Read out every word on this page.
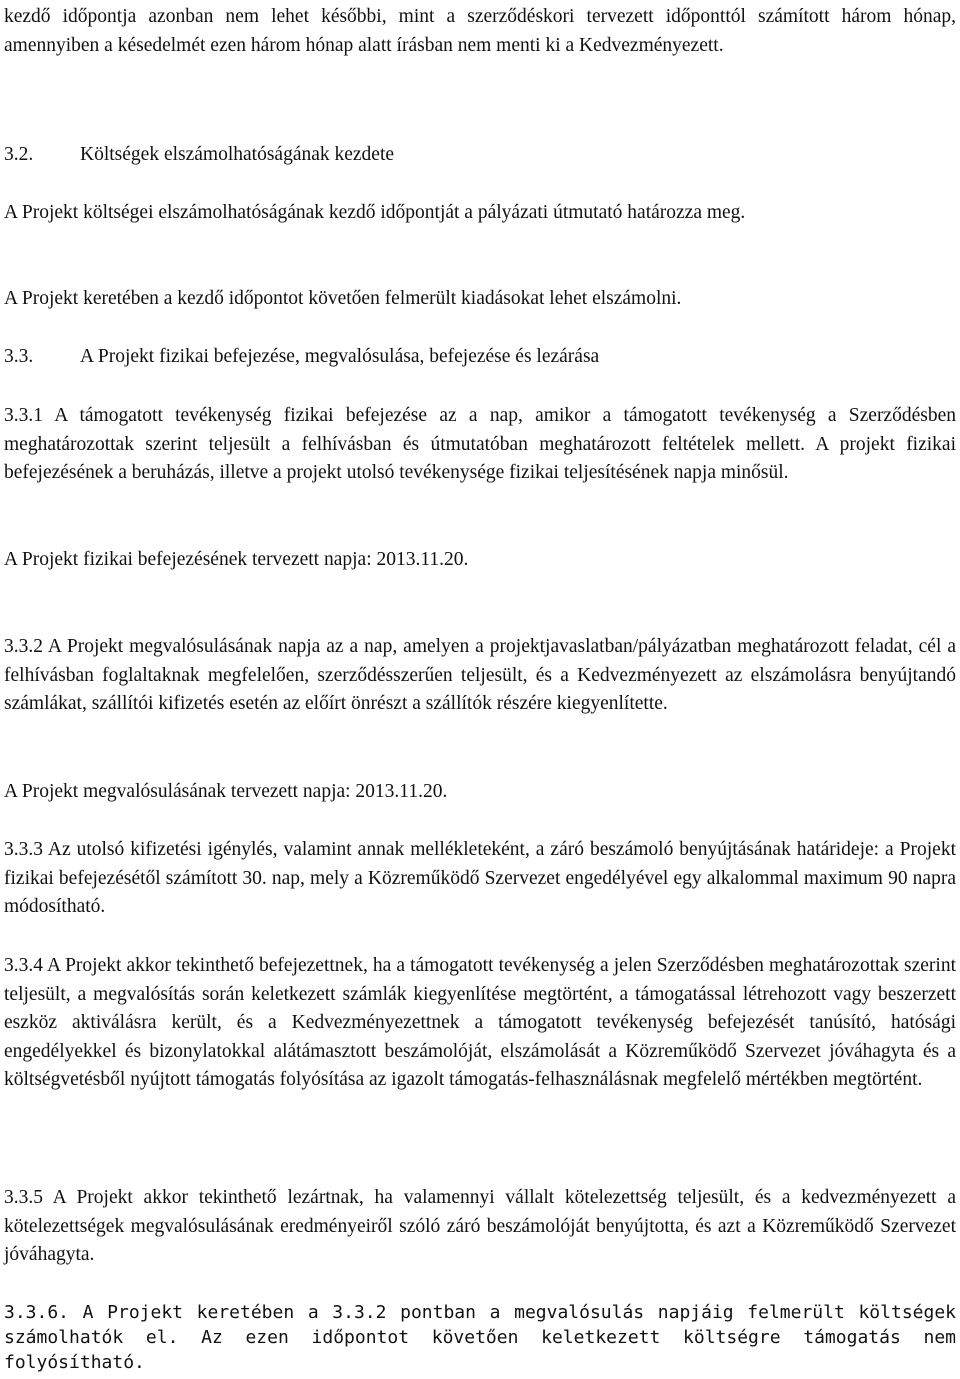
kezdő időpontja azonban nem lehet későbbi, mint a szerződéskori tervezett időponttól számított három hónap, amennyiben a késedelmét ezen három hónap alatt írásban nem menti ki a Kedvezményezett.

3.2.	Költségek elszámolhatóságának kezdete

A Projekt költségei elszámolhatóságának kezdő időpontját a pályázati útmutató határozza meg.

A Projekt keretében a kezdő időpontot követően felmerült kiadásokat lehet elszámolni.

3.3.	A Projekt fizikai befejezése, megvalósulása, befejezése és lezárása

3.3.1 A támogatott tevékenység fizikai befejezése az a nap, amikor a támogatott tevékenység a Szerződésben meghatározottak szerint teljesült a felhívásban és útmutatóban meghatározott feltételek mellett. A projekt fizikai befejezésének a beruházás, illetve a projekt utolsó tevékenysége fizikai teljesítésének napja minősül.

A Projekt fizikai befejezésének tervezett napja: 2013.11.20.

3.3.2 A Projekt megvalósulásának napja az a nap, amelyen a projektjavaslatban/pályázatban meghatározott feladat, cél a felhívásban foglaltaknak megfelelően, szerződésszerűen teljesült, és a Kedvezményezett az elszámolásra benyújtandó számlákat, szállítói kifizetés esetén az előírt önrészt a szállítók részére kiegyenlítette.

A Projekt megvalósulásának tervezett napja: 2013.11.20.

3.3.3 Az utolsó kifizetési igénylés, valamint annak mellékleteként, a záró beszámoló benyújtásának határideje: a Projekt fizikai befejezésétől számított 30. nap, mely a Közreműködő Szervezet engedélyével egy alkalommal maximum 90 napra módosítható.

3.3.4 A Projekt akkor tekinthető befejezettnek, ha a támogatott tevékenység a jelen Szerződésben meghatározottak szerint teljesült, a megvalósítás során keletkezett számlák kiegyenlítése megtörtént, a támogatással létrehozott vagy beszerzett eszköz aktiválásra került, és a Kedvezményezettnek a támogatott tevékenység befejezését tanúsító, hatósági engedélyekkel és bizonylatokkal alátámasztott beszámolóját, elszámolását a Közreműködő Szervezet jóváhagyta és a költségvetésből nyújtott támogatás folyósítása az igazolt támogatás-felhasználásnak megfelelő mértékben megtörtént.

3.3.5 A Projekt akkor tekinthető lezártnak, ha valamennyi vállalt kötelezettség teljesült, és a kedvezményezett a kötelezettségek megvalósulásának eredményeiről szóló záró beszámolóját benyújtotta, és azt a Közreműködő Szervezet jóváhagyta.

3.3.6. A Projekt keretében a 3.3.2 pontban a megvalósulás napjáig felmerült költségek számolhatók el. Az ezen időpontot követően keletkezett költségre támogatás nem folyósítható.
